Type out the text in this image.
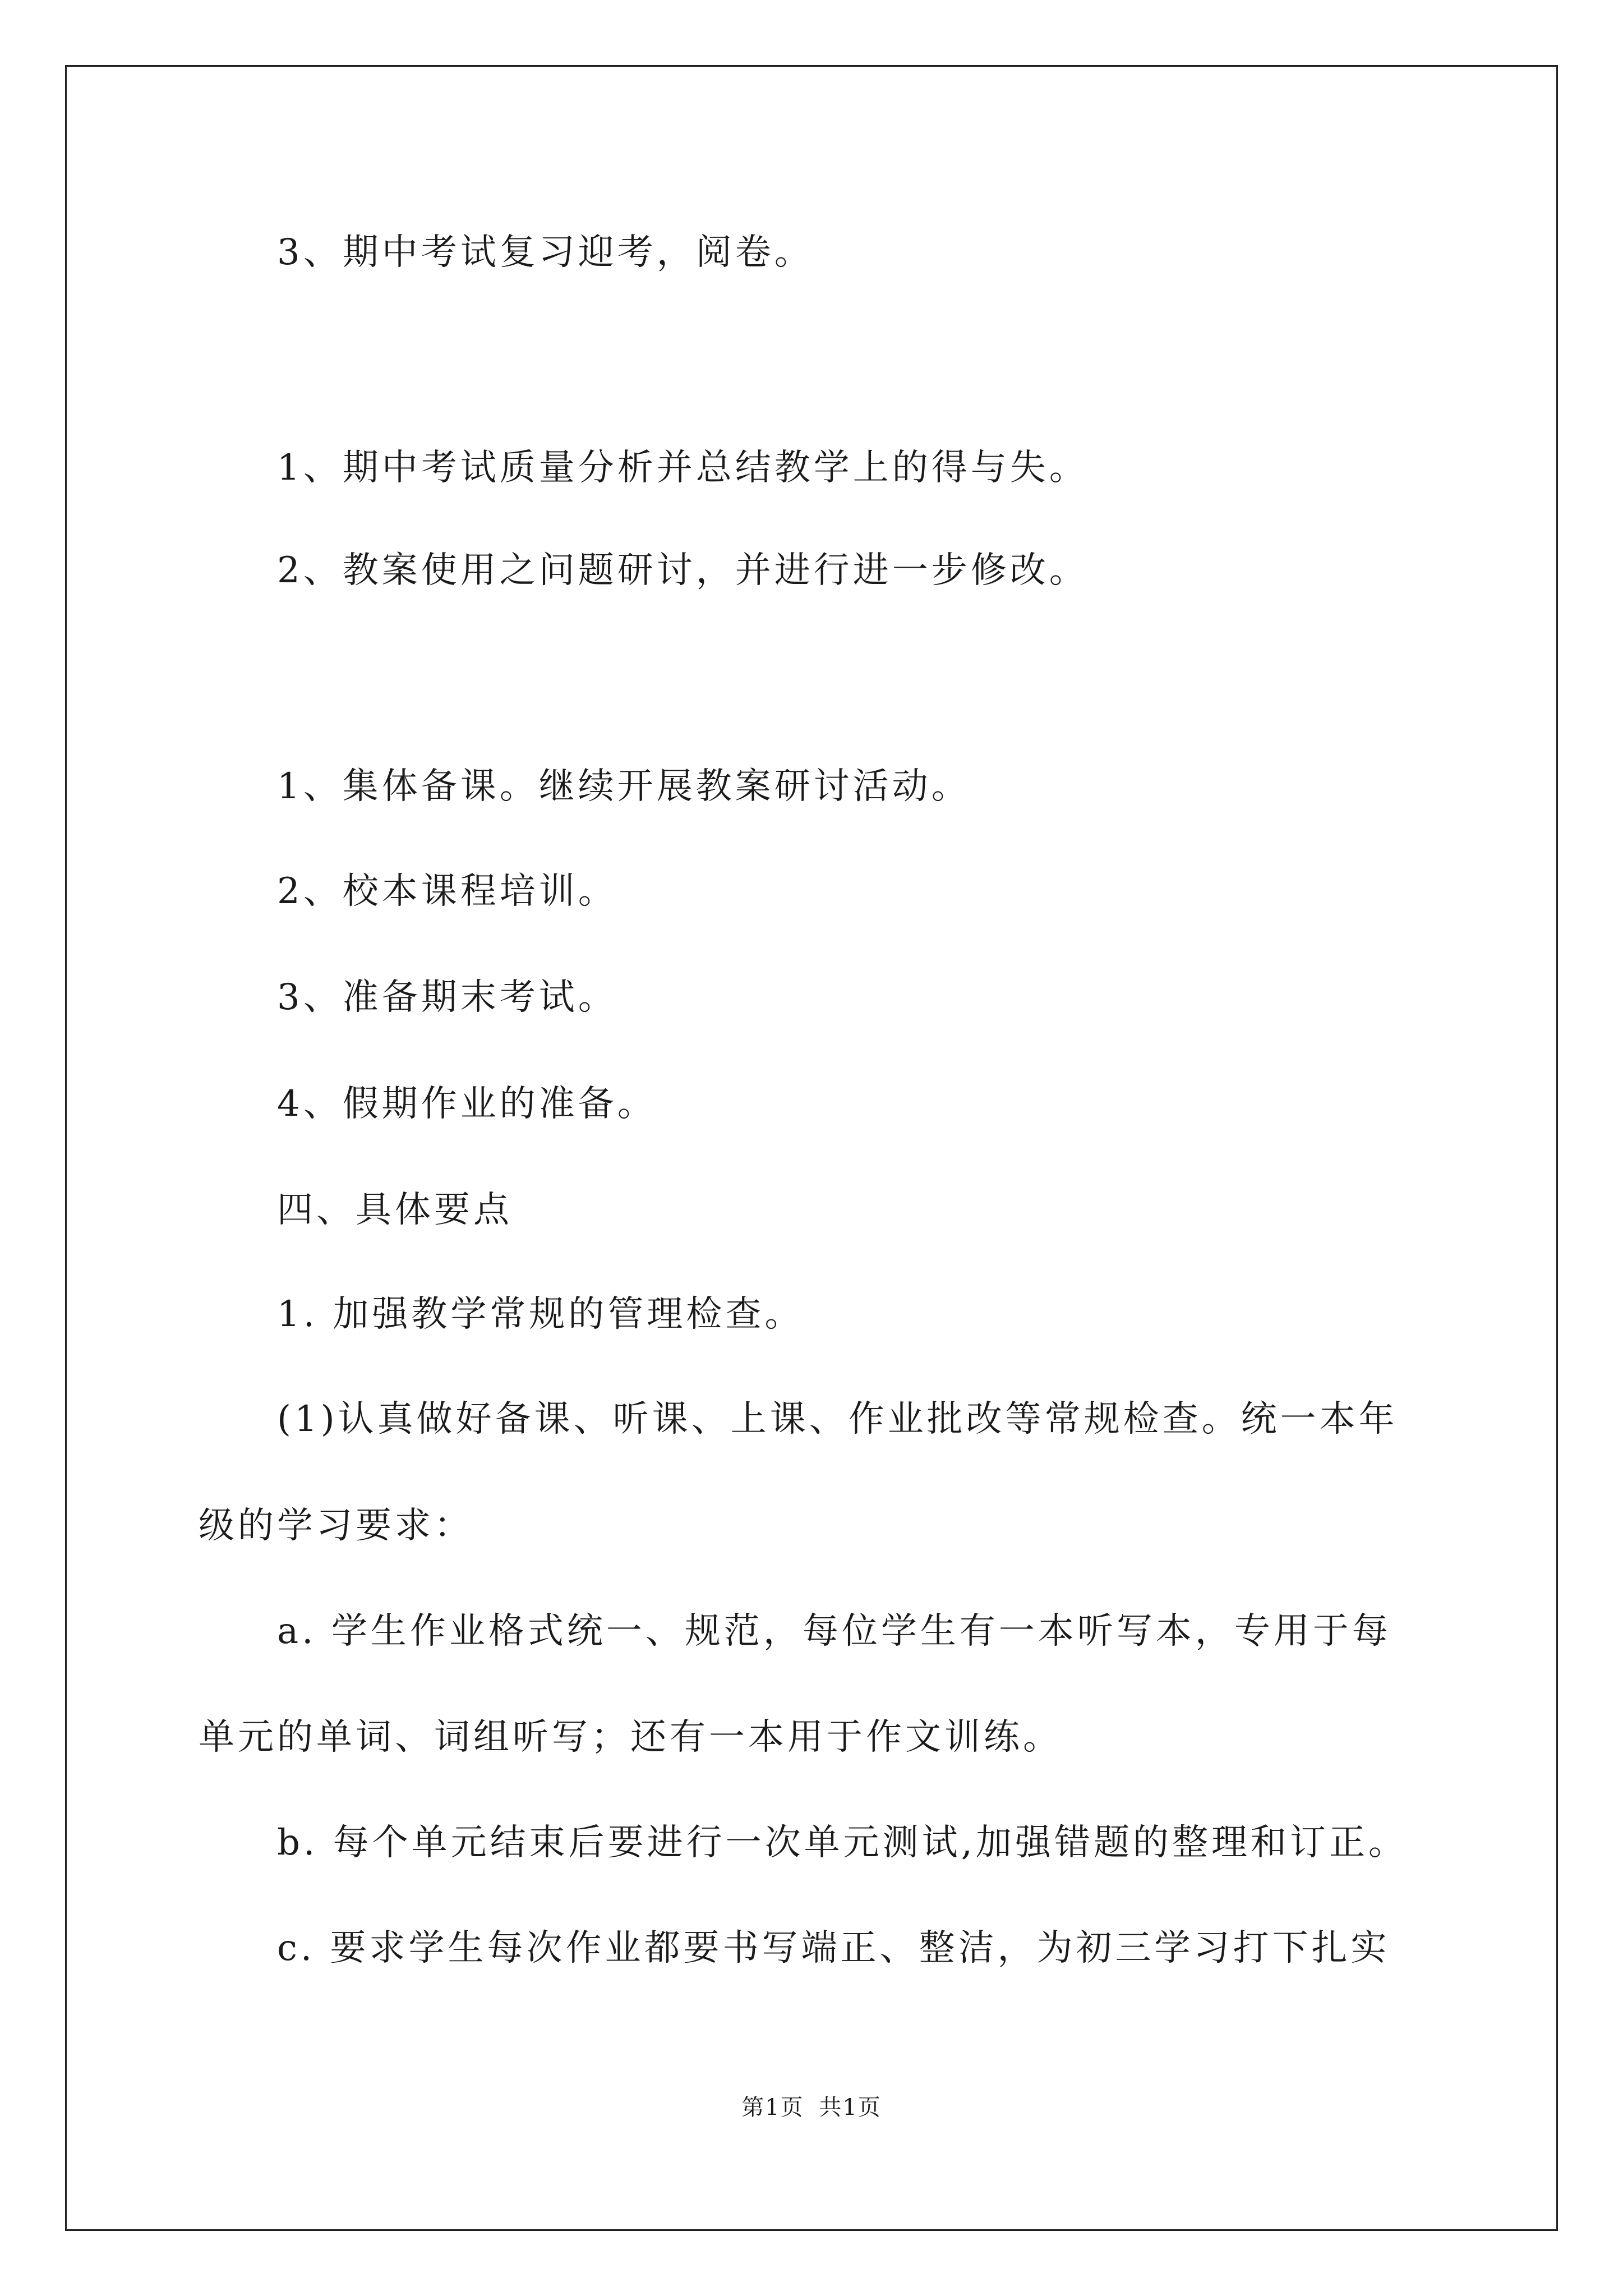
3、期中考试复习迎考，阅卷。
1、期中考试质量分析并总结教学上的得与失。
2、教案使用之问题研讨，并进行进一步修改。
1、集体备课。继续开展教案研讨活动。
2、校本课程培训。
3、准备期末考试。
4、假期作业的准备。
四、具体要点
1. 加强教学常规的管理检查。
(1)认真做好备课、听课、上课、作业批改等常规检查。统一本年
级的学习要求：
a. 学生作业格式统一、规范，每位学生有一本听写本，专用于每
单元的单词、词组听写；还有一本用于作文训练。
b. 每个单元结束后要进行一次单元测试,加强错题的整理和订正。
c. 要求学生每次作业都要书写端正、整洁，为初三学习打下扎实
第1页 共1页
